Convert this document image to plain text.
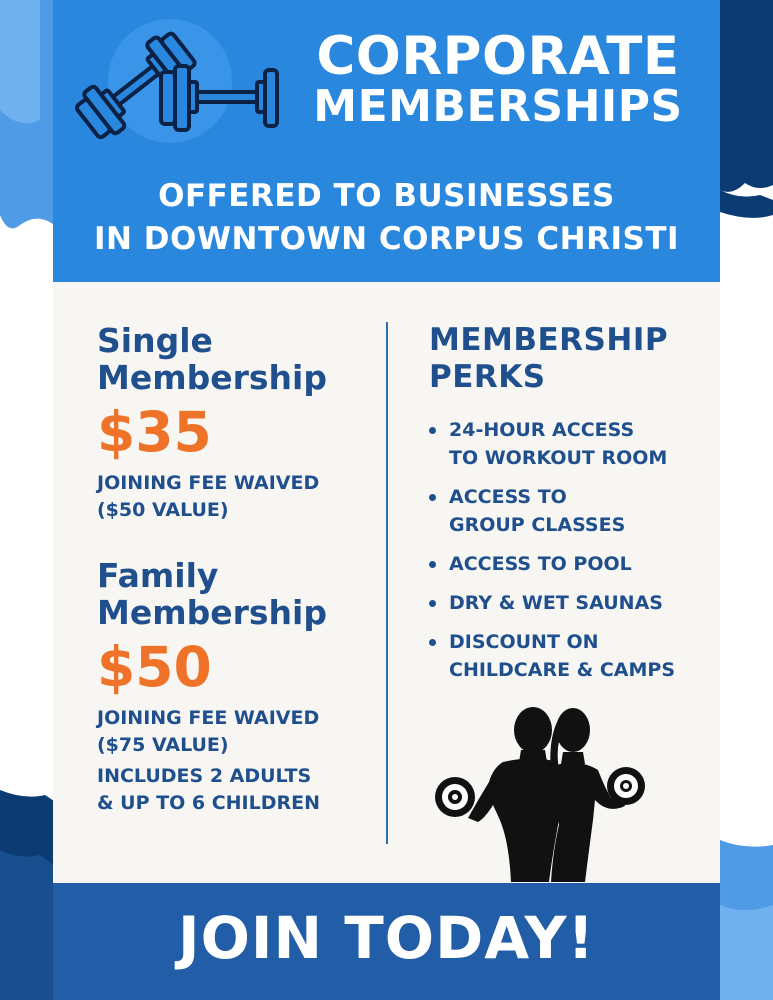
CORPORATE
MEMBERSHIPS
OFFERED TO BUSINESSES
IN DOWNTOWN CORPUS CHRISTI
Single
Membership
$35
JOINING FEE WAIVED
($50 VALUE)
Family
Membership
$50
JOINING FEE WAIVED
($75 VALUE)
INCLUDES 2 ADULTS
& UP TO 6 CHILDREN
MEMBERSHIP
PERKS
24-HOUR ACCESS
TO WORKOUT ROOM
ACCESS TO
GROUP CLASSES
ACCESS TO POOL
DRY & WET SAUNAS
DISCOUNT ON
CHILDCARE & CAMPS
JOIN TODAY!
